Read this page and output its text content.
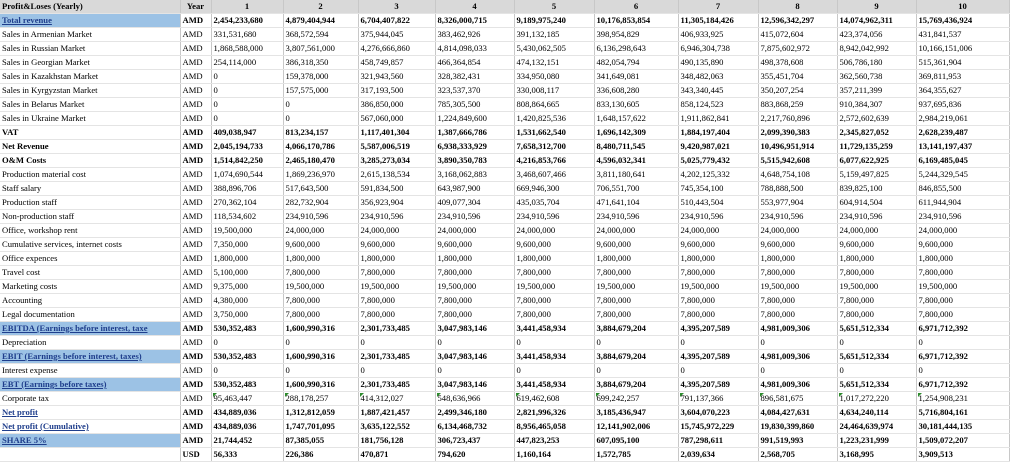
Profit&Loses (Yearly)	Year	1	2	3	4	5	6	7	8	9	10
Total revenue	AMD	2,454,233,680	4,879,404,944	6,704,407,822	8,326,000,715	9,189,975,240	10,176,853,854	11,305,184,426	12,596,342,297	14,074,962,311	15,769,436,924
Sales in Armenian Market	AMD	331,531,680	368,572,594	375,944,045	383,462,926	391,132,185	398,954,829	406,933,925	415,072,604	423,374,056	431,841,537
Sales in Russian Market	AMD	1,868,588,000	3,807,561,000	4,276,666,860	4,814,098,033	5,430,062,505	6,136,298,643	6,946,304,738	7,875,602,972	8,942,042,992	10,166,151,006
Sales in Georgian Market	AMD	254,114,000	386,318,350	458,749,857	466,364,854	474,132,151	482,054,794	490,135,890	498,378,608	506,786,180	515,361,904
Sales in Kazakhstan Market	AMD	0	159,378,000	321,943,560	328,382,431	334,950,080	341,649,081	348,482,063	355,451,704	362,560,738	369,811,953
Sales in Kyrgyzstan Market	AMD	0	157,575,000	317,193,500	323,537,370	330,008,117	336,608,280	343,340,445	350,207,254	357,211,399	364,355,627
Sales in Belarus Market	AMD	0	0	386,850,000	785,305,500	808,864,665	833,130,605	858,124,523	883,868,259	910,384,307	937,695,836
Sales in Ukraine Market	AMD	0	0	567,060,000	1,224,849,600	1,420,825,536	1,648,157,622	1,911,862,841	2,217,760,896	2,572,602,639	2,984,219,061
VAT	AMD	409,038,947	813,234,157	1,117,401,304	1,387,666,786	1,531,662,540	1,696,142,309	1,884,197,404	2,099,390,383	2,345,827,052	2,628,239,487
Net Revenue	AMD	2,045,194,733	4,066,170,786	5,587,006,519	6,938,333,929	7,658,312,700	8,480,711,545	9,420,987,021	10,496,951,914	11,729,135,259	13,141,197,437
O&M Costs	AMD	1,514,842,250	2,465,180,470	3,285,273,034	3,890,350,783	4,216,853,766	4,596,032,341	5,025,779,432	5,515,942,608	6,077,622,925	6,169,485,045
Production material cost	AMD	1,074,690,544	1,869,236,970	2,615,138,534	3,168,062,883	3,468,607,466	3,811,180,641	4,202,125,332	4,648,754,108	5,159,497,825	5,244,329,545
Staff salary	AMD	388,896,706	517,643,500	591,834,500	643,987,900	669,946,300	706,551,700	745,354,100	788,888,500	839,825,100	846,855,500
Production staff	AMD	270,362,104	282,732,904	356,923,904	409,077,304	435,035,704	471,641,104	510,443,504	553,977,904	604,914,504	611,944,904
Non-production staff	AMD	118,534,602	234,910,596	234,910,596	234,910,596	234,910,596	234,910,596	234,910,596	234,910,596	234,910,596	234,910,596
Office, workshop rent	AMD	19,500,000	24,000,000	24,000,000	24,000,000	24,000,000	24,000,000	24,000,000	24,000,000	24,000,000	24,000,000
Cumulative services, internet costs	AMD	7,350,000	9,600,000	9,600,000	9,600,000	9,600,000	9,600,000	9,600,000	9,600,000	9,600,000	9,600,000
Office expences	AMD	1,800,000	1,800,000	1,800,000	1,800,000	1,800,000	1,800,000	1,800,000	1,800,000	1,800,000	1,800,000
Travel cost	AMD	5,100,000	7,800,000	7,800,000	7,800,000	7,800,000	7,800,000	7,800,000	7,800,000	7,800,000	7,800,000
Marketing costs	AMD	9,375,000	19,500,000	19,500,000	19,500,000	19,500,000	19,500,000	19,500,000	19,500,000	19,500,000	19,500,000
Accounting	AMD	4,380,000	7,800,000	7,800,000	7,800,000	7,800,000	7,800,000	7,800,000	7,800,000	7,800,000	7,800,000
Legal documentation	AMD	3,750,000	7,800,000	7,800,000	7,800,000	7,800,000	7,800,000	7,800,000	7,800,000	7,800,000	7,800,000
EBITDA (Earnings before interest, taxe	AMD	530,352,483	1,600,990,316	2,301,733,485	3,047,983,146	3,441,458,934	3,884,679,204	4,395,207,589	4,981,009,306	5,651,512,334	6,971,712,392
Depreciation	AMD	0	0	0	0	0	0	0	0	0	0
EBIT (Earnings before interest, taxes)	AMD	530,352,483	1,600,990,316	2,301,733,485	3,047,983,146	3,441,458,934	3,884,679,204	4,395,207,589	4,981,009,306	5,651,512,334	6,971,712,392
Interest expense	AMD	0	0	0	0	0	0	0	0	0	0
EBT (Earnings before taxes)	AMD	530,352,483	1,600,990,316	2,301,733,485	3,047,983,146	3,441,458,934	3,884,679,204	4,395,207,589	4,981,009,306	5,651,512,334	6,971,712,392
Corporate tax	AMD	95,463,447	288,178,257	414,312,027	548,636,966	619,462,608	699,242,257	791,137,366	896,581,675	1,017,272,220	1,254,908,231
Net profit	AMD	434,889,036	1,312,812,059	1,887,421,457	2,499,346,180	2,821,996,326	3,185,436,947	3,604,070,223	4,084,427,631	4,634,240,114	5,716,804,161
Net profit (Cumulative)	AMD	434,889,036	1,747,701,095	3,635,122,552	6,134,468,732	8,956,465,058	12,141,902,006	15,745,972,229	19,830,399,860	24,464,639,974	30,181,444,135
SHARE 5%	AMD	21,744,452	87,385,055	181,756,128	306,723,437	447,823,253	607,095,100	787,298,611	991,519,993	1,223,231,999	1,509,072,207
	USD	56,333	226,386	470,871	794,620	1,160,164	1,572,785	2,039,634	2,568,705	3,168,995	3,909,513
